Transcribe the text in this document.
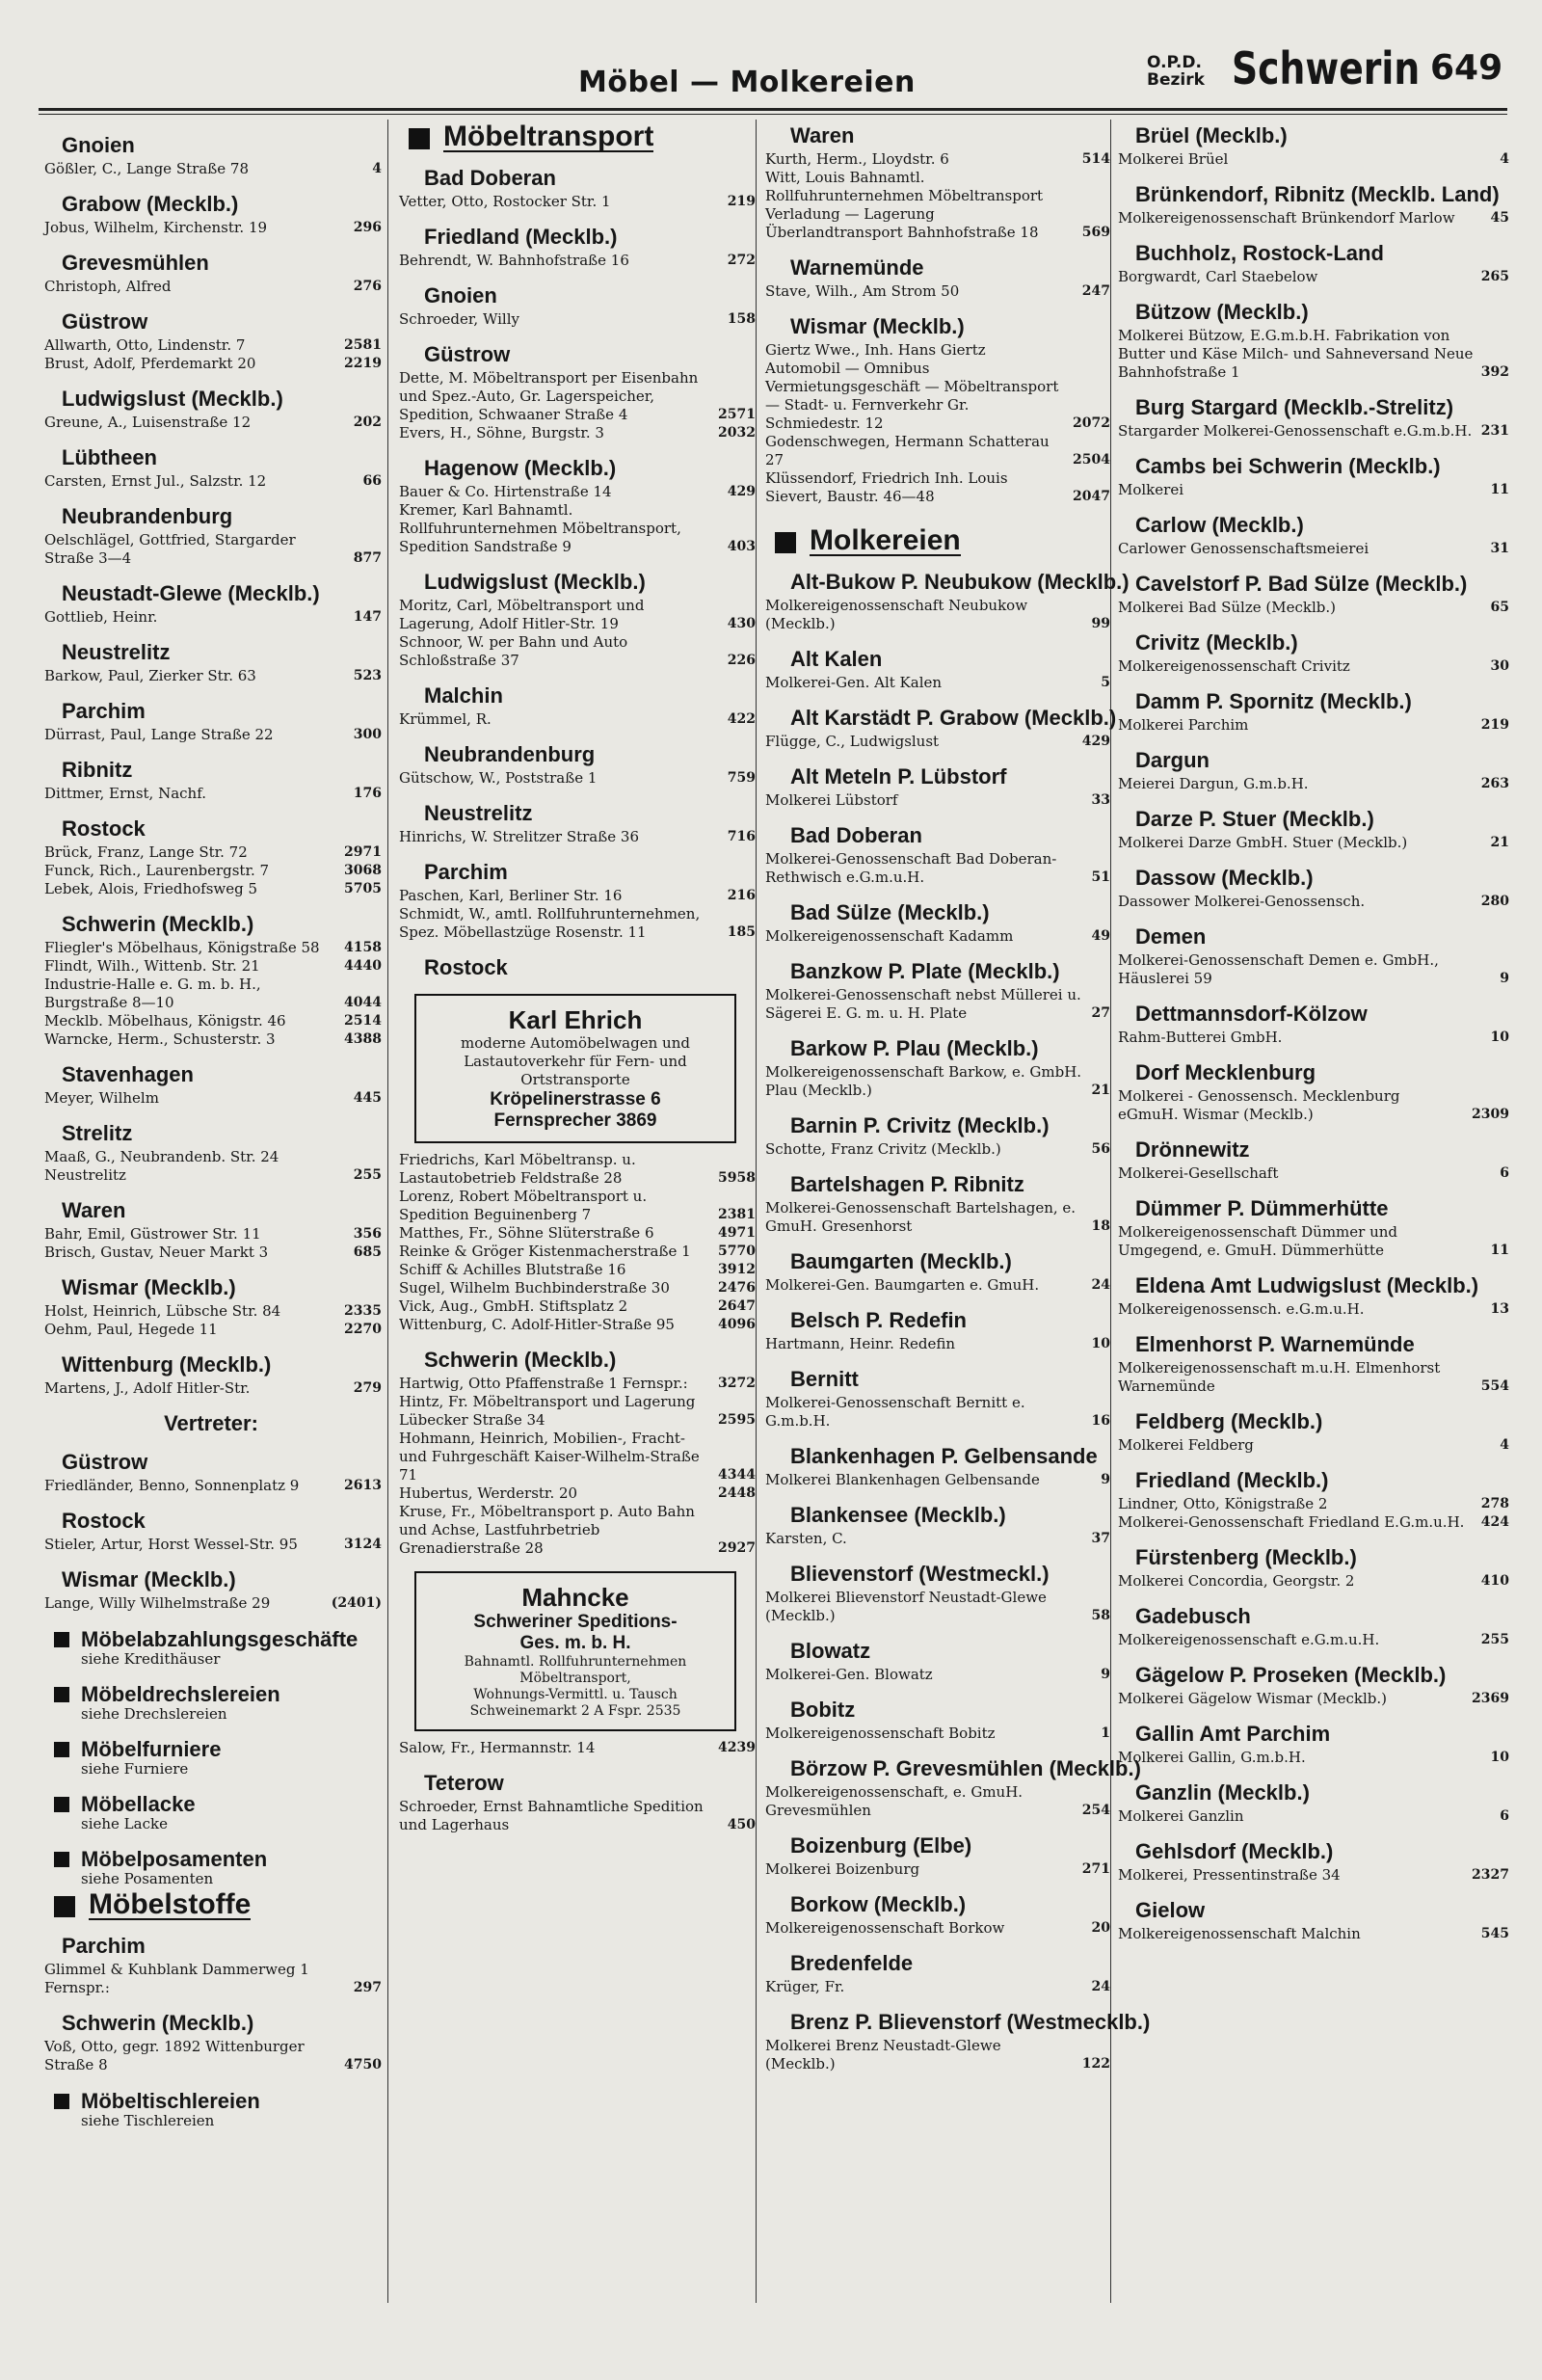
Möbel — Molkereien
O.P.D.
Bezirk Schwerin 649
Gnoien
Gößler, C., Lange Straße 78	4
Grabow (Mecklb.)
Jobus, Wilhelm, Kirchenstr. 19	296
Grevesmühlen
Christoph, Alfred	276
Güstrow
Allwarth, Otto, Lindenstr. 7	2581
Brust, Adolf, Pferdemarkt 20	2219
Ludwigslust (Mecklb.)
Greune, A., Luisenstraße 12	202
Lübtheen
Carsten, Ernst Jul., Salzstr. 12	66
Neubrandenburg
Oelschlägel, Gottfried, Stargarder Straße 3—4	877
Neustadt-Glewe (Mecklb.)
Gottlieb, Heinr.	147
Neustrelitz
Barkow, Paul, Zierker Str. 63	523
Parchim
Dürrast, Paul, Lange Straße 22	300
Ribnitz
Dittmer, Ernst, Nachf.	176
Rostock
Brück, Franz, Lange Str. 72	2971
Funck, Rich., Laurenbergstr. 7	3068
Lebek, Alois, Friedhofsweg 5	5705
Schwerin (Mecklb.)
Fliegler's Möbelhaus, Königstraße 58	4158
Flindt, Wilh., Wittenb. Str. 21	4440
Industrie-Halle e. G. m. b. H., Burgstraße 8—10	4044
Mecklb. Möbelhaus, Königstr. 46	2514
Warncke, Herm., Schusterstr. 3	4388
Stavenhagen
Meyer, Wilhelm	445
Strelitz
Maaß, G., Neubrandenb. Str. 24 Neustrelitz	255
Waren
Bahr, Emil, Güstrower Str. 11	356
Brisch, Gustav, Neuer Markt 3	685
Wismar (Mecklb.)
Holst, Heinrich, Lübsche Str. 84	2335
Oehm, Paul, Hegede 11	2270
Wittenburg (Mecklb.)
Martens, J., Adolf Hitler-Str.	279
Vertreter:
Güstrow
Friedländer, Benno, Sonnenplatz 9	2613
Rostock
Stieler, Artur, Horst Wessel-Str. 95	3124
Wismar (Mecklb.)
Lange, Willy Wilhelmstraße 29	(2401)
Möbelabzahlungsgeschäfte
siehe Kredithäuser
Möbeldrechslereien
siehe Drechslereien
Möbelfurniere
siehe Furniere
Möbellacke
siehe Lacke
Möbelposamenten
siehe Posamenten
Möbelstoffe
Parchim
Glimmel & Kuhblank Dammerweg 1 Fernspr.:	297
Schwerin (Mecklb.)
Voß, Otto, gegr. 1892 Wittenburger Straße 8	4750
Möbeltischlereien
siehe Tischlereien
Möbeltransport
Bad Doberan
Vetter, Otto, Rostocker Str. 1	219
Friedland (Mecklb.)
Behrendt, W. Bahnhofstraße 16	272
Gnoien
Schroeder, Willy	158
Güstrow
Dette, M. Möbeltransport per Eisenbahn und Spez.-Auto, Gr. Lagerspeicher, Spedition, Schwaaner Straße 4	2571
Evers, H., Söhne, Burgstr. 3	2032
Hagenow (Mecklb.)
Bauer & Co. Hirtenstraße 14	429
Kremer, Karl Bahnamtl. Rollfuhrunternehmen Möbeltransport, Spedition Sandstraße 9	403
Ludwigslust (Mecklb.)
Moritz, Carl, Möbeltransport und Lagerung, Adolf Hitler-Str. 19	430
Schnoor, W. per Bahn und Auto Schloßstraße 37	226
Malchin
Krümmel, R.	422
Neubrandenburg
Gütschow, W., Poststraße 1	759
Neustrelitz
Hinrichs, W. Strelitzer Straße 36	716
Parchim
Paschen, Karl, Berliner Str. 16	216
Schmidt, W., amtl. Rollfuhrunternehmen, Spez. Möbellastzüge Rosenstr. 11	185
Rostock
Karl Ehrich
moderne Automöbelwagen und
Lastautoverkehr für Fern- und
Ortstransporte
Kröpelinerstrasse 6
Fernsprecher 3869
Friedrichs, Karl Möbeltransp. u. Lastautobetrieb Feldstraße 28	5958
Lorenz, Robert Möbeltransport u. Spedition Beguinenberg 7	2381
Matthes, Fr., Söhne Slüterstraße 6	4971
Reinke & Gröger Kistenmacherstraße 1	5770
Schiff & Achilles Blutstraße 16	3912
Sugel, Wilhelm Buchbinderstraße 30	2476
Vick, Aug., GmbH. Stiftsplatz 2	2647
Wittenburg, C. Adolf-Hitler-Straße 95	4096
Schwerin (Mecklb.)
Hartwig, Otto Pfaffenstraße 1 Fernspr.:	3272
Hintz, Fr. Möbeltransport und Lagerung Lübecker Straße 34	2595
Hohmann, Heinrich, Mobilien-, Fracht- und Fuhrgeschäft Kaiser-Wilhelm-Straße 71	4344
Hubertus, Werderstr. 20	2448
Kruse, Fr., Möbeltransport p. Auto Bahn und Achse, Lastfuhrbetrieb Grenadierstraße 28	2927
Mahncke
Schweriner Speditions-
Ges. m. b. H.
Bahnamtl. Rollfuhrunternehmen
Möbeltransport,
Wohnungs-Vermittl. u. Tausch
Schweinemarkt 2 A Fspr. 2535
Salow, Fr., Hermannstr. 14	4239
Teterow
Schroeder, Ernst Bahnamtliche Spedition und Lagerhaus	450
Waren
Kurth, Herm., Lloydstr. 6	514
Witt, Louis Bahnamtl. Rollfuhrunternehmen Möbeltransport Verladung — Lagerung Überlandtransport Bahnhofstraße 18	569
Warnemünde
Stave, Wilh., Am Strom 50	247
Wismar (Mecklb.)
Giertz Wwe., Inh. Hans Giertz Automobil — Omnibus Vermietungsgeschäft — Möbeltransport — Stadt- u. Fernverkehr Gr. Schmiedestr. 12	2072
Godenschwegen, Hermann Schatterau 27	2504
Klüssendorf, Friedrich Inh. Louis Sievert, Baustr. 46—48	2047
Molkereien
Alt-Bukow P. Neubukow (Mecklb.)
Molkereigenossenschaft Neubukow (Mecklb.)	99
Alt Kalen
Molkerei-Gen. Alt Kalen	5
Alt Karstädt P. Grabow (Mecklb.)
Flügge, C., Ludwigslust	429
Alt Meteln P. Lübstorf
Molkerei Lübstorf	33
Bad Doberan
Molkerei-Genossenschaft Bad Doberan-Rethwisch e.G.m.u.H.	51
Bad Sülze (Mecklb.)
Molkereigenossenschaft Kadamm	49
Banzkow P. Plate (Mecklb.)
Molkerei-Genossenschaft nebst Müllerei u. Sägerei E. G. m. u. H. Plate	27
Barkow P. Plau (Mecklb.)
Molkereigenossenschaft Barkow, e. GmbH. Plau (Mecklb.)	21
Barnin P. Crivitz (Mecklb.)
Schotte, Franz Crivitz (Mecklb.)	56
Bartelshagen P. Ribnitz
Molkerei-Genossenschaft Bartelshagen, e. GmuH. Gresenhorst	18
Baumgarten (Mecklb.)
Molkerei-Gen. Baumgarten e. GmuH.	24
Belsch P. Redefin
Hartmann, Heinr. Redefin	10
Bernitt
Molkerei-Genossenschaft Bernitt e. G.m.b.H.	16
Blankenhagen P. Gelbensande
Molkerei Blankenhagen Gelbensande	9
Blankensee (Mecklb.)
Karsten, C.	37
Blievenstorf (Westmeckl.)
Molkerei Blievenstorf Neustadt-Glewe (Mecklb.)	58
Blowatz
Molkerei-Gen. Blowatz	9
Bobitz
Molkereigenossenschaft Bobitz	1
Börzow P. Grevesmühlen (Mecklb.)
Molkereigenossenschaft, e. GmuH. Grevesmühlen	254
Boizenburg (Elbe)
Molkerei Boizenburg	271
Borkow (Mecklb.)
Molkereigenossenschaft Borkow	20
Bredenfelde
Krüger, Fr.	24
Brenz P. Blievenstorf (Westmecklb.)
Molkerei Brenz Neustadt-Glewe (Mecklb.)	122
Brüel (Mecklb.)
Molkerei Brüel	4
Brünkendorf, Ribnitz (Mecklb. Land)
Molkereigenossenschaft Brünkendorf Marlow	45
Buchholz, Rostock-Land
Borgwardt, Carl Staebelow	265
Bützow (Mecklb.)
Molkerei Bützow, E.G.m.b.H. Fabrikation von Butter und Käse Milch- und Sahneversand Neue Bahnhofstraße 1	392
Burg Stargard (Mecklb.-Strelitz)
Stargarder Molkerei-Genossenschaft e.G.m.b.H. 231
Cambs bei Schwerin (Mecklb.)
Molkerei	11
Carlow (Mecklb.)
Carlower Genossenschaftsmeierei	31
Cavelstorf P. Bad Sülze (Mecklb.)
Molkerei Bad Sülze (Mecklb.)	65
Crivitz (Mecklb.)
Molkereigenossenschaft Crivitz	30
Damm P. Spornitz (Mecklb.)
Molkerei Parchim	219
Dargun
Meierei Dargun, G.m.b.H.	263
Darze P. Stuer (Mecklb.)
Molkerei Darze GmbH. Stuer (Mecklb.)	21
Dassow (Mecklb.)
Dassower Molkerei-Genossensch.	280
Demen
Molkerei-Genossenschaft Demen e. GmbH., Häuslerei 59	9
Dettmannsdorf-Kölzow
Rahm-Butterei GmbH.	10
Dorf Mecklenburg
Molkerei - Genossensch. Mecklenburg eGmuH. Wismar (Mecklb.)	2309
Drönnewitz
Molkerei-Gesellschaft	6
Dümmer P. Dümmerhütte
Molkereigenossenschaft Dümmer und Umgegend, e. GmuH. Dümmerhütte	11
Eldena Amt Ludwigslust (Mecklb.)
Molkereigenossensch. e.G.m.u.H.	13
Elmenhorst P. Warnemünde
Molkereigenossenschaft m.u.H. Elmenhorst Warnemünde	554
Feldberg (Mecklb.)
Molkerei Feldberg	4
Friedland (Mecklb.)
Lindner, Otto, Königstraße 2	278
Molkerei-Genossenschaft Friedland E.G.m.u.H.	424
Fürstenberg (Mecklb.)
Molkerei Concordia, Georgstr. 2	410
Gadebusch
Molkereigenossenschaft e.G.m.u.H.	255
Gägelow P. Proseken (Mecklb.)
Molkerei Gägelow Wismar (Mecklb.)	2369
Gallin Amt Parchim
Molkerei Gallin, G.m.b.H.	10
Ganzlin (Mecklb.)
Molkerei Ganzlin	6
Gehlsdorf (Mecklb.)
Molkerei, Pressentinstraße 34	2327
Gielow
Molkereigenossenschaft Malchin	545
